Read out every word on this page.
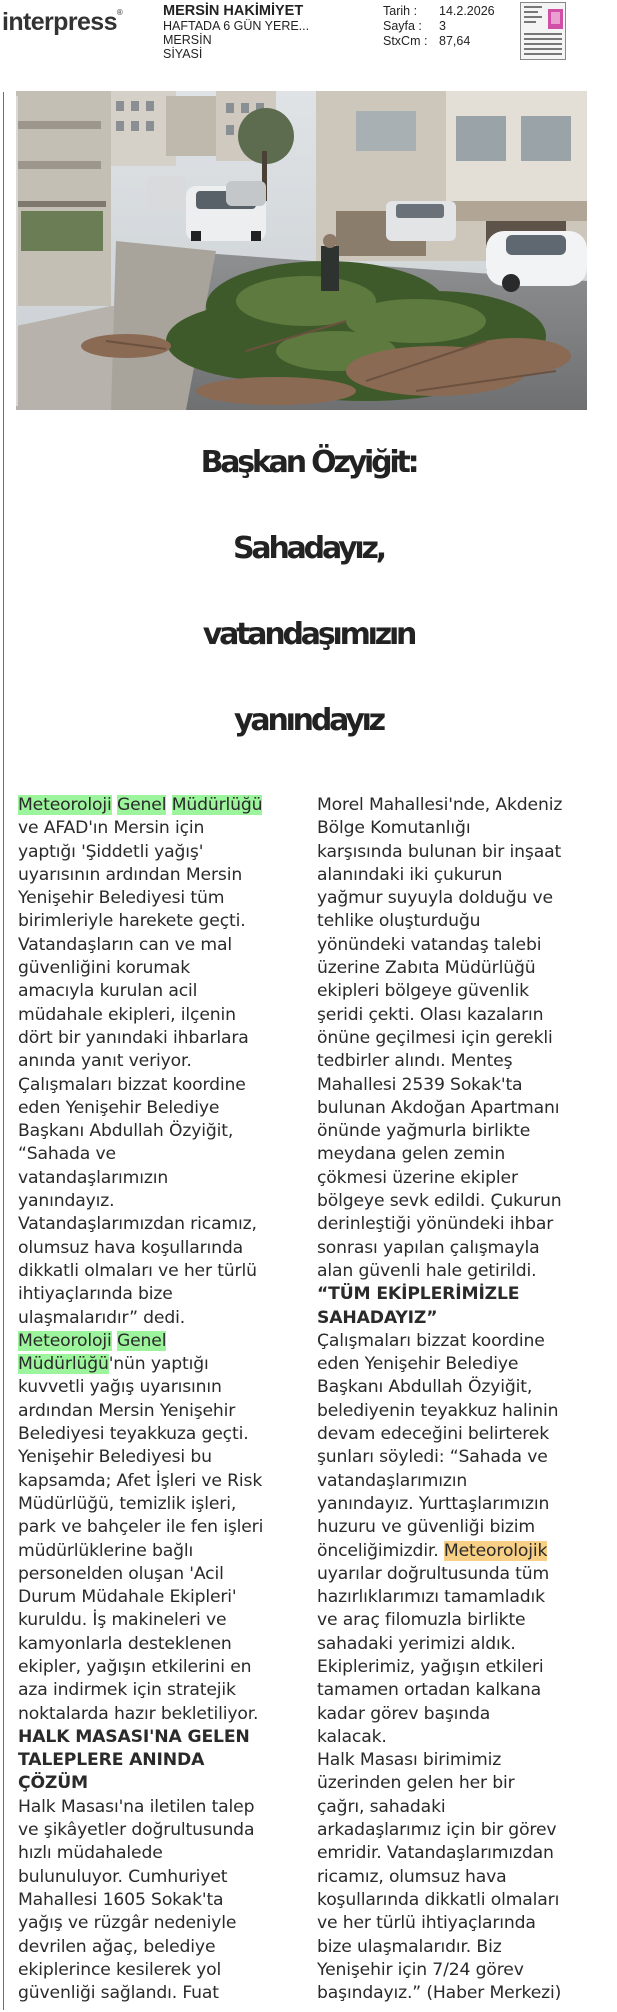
interpress®	MERSİN HAKİMİYET
HAFTADA 6 GÜN YERE...
MERSİN
SİYASİ
Tarih :	14.2.2026
Sayfa :	3
StxCm : 87,64
Başkan Özyiğit:
Sahadayız,
vatandaşımızın
yanındayız
Meteoroloji Genel Müdürlüğü
ve AFAD'ın Mersin için
yaptığı 'Şiddetli yağış'
uyarısının ardından Mersin
Yenişehir Belediyesi tüm
birimleriyle harekete geçti.
Vatandaşların can ve mal
güvenliğini korumak
amacıyla kurulan acil
müdahale ekipleri, ilçenin
dört bir yanındaki ihbarlara
anında yanıt veriyor.
Çalışmaları bizzat koordine
eden Yenişehir Belediye
Başkanı Abdullah Özyiğit,
“Sahada ve
vatandaşlarımızın
yanındayız.
Vatandaşlarımızdan ricamız,
olumsuz hava koşullarında
dikkatli olmaları ve her türlü
ihtiyaçlarında bize
ulaşmalarıdır” dedi.
Meteoroloji Genel
Müdürlüğü'nün yaptığı
kuvvetli yağış uyarısının
ardından Mersin Yenişehir
Belediyesi teyakkuza geçti.
Yenişehir Belediyesi bu
kapsamda; Afet İşleri ve Risk
Müdürlüğü, temizlik işleri,
park ve bahçeler ile fen işleri
müdürlüklerine bağlı
personelden oluşan 'Acil
Durum Müdahale Ekipleri'
kuruldu. İş makineleri ve
kamyonlarla desteklenen
ekipler, yağışın etkilerini en
aza indirmek için stratejik
noktalarda hazır bekletiliyor.
HALK MASASI'NA GELEN
TALEPLERE ANINDA
ÇÖZÜM
Halk Masası'na iletilen talep
ve şikâyetler doğrultusunda
hızlı müdahalede
bulunuluyor. Cumhuriyet
Mahallesi 1605 Sokak'ta
yağış ve rüzgâr nedeniyle
devrilen ağaç, belediye
ekiplerince kesilerek yol
güvenliği sağlandı. Fuat
Morel Mahallesi'nde, Akdeniz
Bölge Komutanlığı
karşısında bulunan bir inşaat
alanındaki iki çukurun
yağmur suyuyla dolduğu ve
tehlike oluşturduğu
yönündeki vatandaş talebi
üzerine Zabıta Müdürlüğü
ekipleri bölgeye güvenlik
şeridi çekti. Olası kazaların
önüne geçilmesi için gerekli
tedbirler alındı. Menteş
Mahallesi 2539 Sokak'ta
bulunan Akdoğan Apartmanı
önünde yağmurla birlikte
meydana gelen zemin
çökmesi üzerine ekipler
bölgeye sevk edildi. Çukurun
derinleştiği yönündeki ihbar
sonrası yapılan çalışmayla
alan güvenli hale getirildi.
“TÜM EKİPLERİMİZLE
SAHADAYIZ”
Çalışmaları bizzat koordine
eden Yenişehir Belediye
Başkanı Abdullah Özyiğit,
belediyenin teyakkuz halinin
devam edeceğini belirterek
şunları söyledi: “Sahada ve
vatandaşlarımızın
yanındayız. Yurttaşlarımızın
huzuru ve güvenliği bizim
önceliğimizdir. Meteorolojik
uyarılar doğrultusunda tüm
hazırlıklarımızı tamamladık
ve araç filomuzla birlikte
sahadaki yerimizi aldık.
Ekiplerimiz, yağışın etkileri
tamamen ortadan kalkana
kadar görev başında
kalacak.
Halk Masası birimimiz
üzerinden gelen her bir
çağrı, sahadaki
arkadaşlarımız için bir görev
emridir. Vatandaşlarımızdan
ricamız, olumsuz hava
koşullarında dikkatli olmaları
ve her türlü ihtiyaçlarında
bize ulaşmalarıdır. Biz
Yenişehir için 7/24 görev
başındayız.” (Haber Merkezi)
